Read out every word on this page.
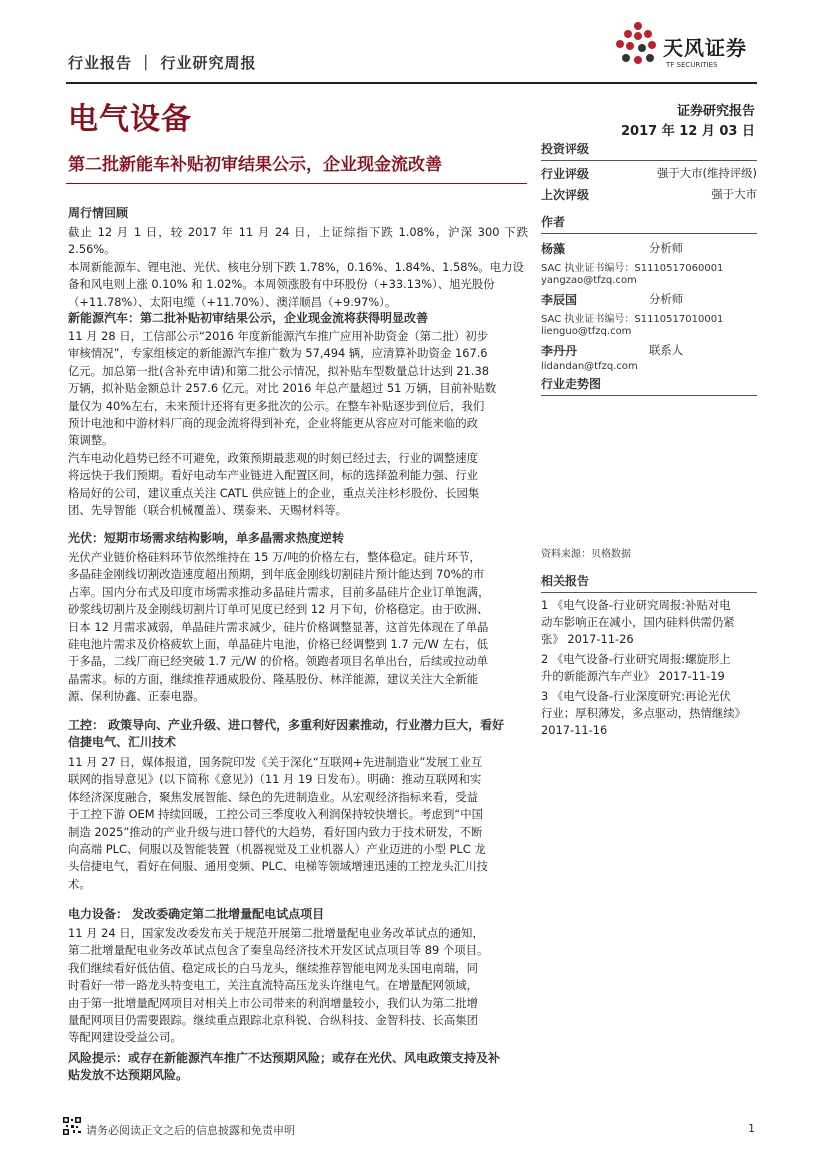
行业报告 ｜ 行业研究周报
天风证券
TF SECURITIES
电气设备	证券研究报告
2017 年 12 月 03 日
第二批新能车补贴初审结果公示，企业现金流改善
周行情回顾
截止 12 月 1 日，较 2017 年 11 月 24 日，上证综指下跌 1.08%，沪深 300 下跌 2.56%。
本周新能源车、锂电池、光伏、核电分别下跌 1.78%，0.16%、1.84%、1.58%。电力设
备和风电则上涨 0.10% 和 1.02%。本周领涨股有中环股份（+33.13%）、旭光股份
（+11.78%）、太阳电缆（+11.70%）、澳洋顺昌（+9.97%）。
新能源汽车：第二批补贴初审结果公示，企业现金流将获得明显改善
11 月 28 日，工信部公示“2016 年度新能源汽车推广应用补助资金（第二批）初步
审核情况”，专家组核定的新能源汽车推广数为 57,494 辆，应清算补助资金 167.6
亿元。加总第一批(含补充申请)和第二批公示情况，拟补贴车型数量总计达到 21.38
万辆，拟补贴金额总计 257.6 亿元。对比 2016 年总产量超过 51 万辆，目前补贴数
量仅为 40%左右，未来预计还将有更多批次的公示。在整车补贴逐步到位后，我们
预计电池和中游材料厂商的现金流将得到补充，企业将能更从容应对可能来临的政
策调整。
汽车电动化趋势已经不可避免，政策预期最悲观的时刻已经过去，行业的调整速度
将远快于我们预期。看好电动车产业链进入配置区间，标的选择盈利能力强、行业
格局好的公司，建议重点关注 CATL 供应链上的企业，重点关注杉杉股份、长园集
团、先导智能（联合机械覆盖）、璞泰来、天赐材料等。
光伏：短期市场需求结构影响，单多晶需求热度逆转
光伏产业链价格硅料环节依然维持在 15 万/吨的价格左右，整体稳定。硅片环节，
多晶硅金刚线切割改造速度超出预期，到年底金刚线切割硅片预计能达到 70%的市
占率。国内分布式及印度市场需求推动多晶硅片需求，目前多晶硅片企业订单饱满，
砂浆线切割片及金刚线切割片订单可见度已经到 12 月下旬，价格稳定。由于欧洲、
日本 12 月需求减弱，单晶硅片需求减少，硅片价格调整显著，这首先体现在了单晶
硅电池片需求及价格疲软上面，单晶硅片电池，价格已经调整到 1.7 元/W 左右，低
于多晶，二线厂商已经突破 1.7 元/W 的价格。领跑者项目名单出台，后续或拉动单
晶需求。标的方面，继续推荐通威股份、隆基股份、林洋能源，建议关注大全新能
源、保利协鑫、正泰电器。
工控： 政策导向、产业升级、进口替代，多重利好因素推动，行业潜力巨大，看好
信捷电气、汇川技术
11 月 27 日，媒体报道，国务院印发《关于深化“互联网+先进制造业”发展工业互
联网的指导意见》(以下简称《意见》)（11 月 19 日发布）。明确：推动互联网和实
体经济深度融合，聚焦发展智能、绿色的先进制造业。从宏观经济指标来看，受益
于工控下游 OEM 持续回暖，工控公司三季度收入利润保持较快增长。考虑到“中国
制造 2025”推动的产业升级与进口替代的大趋势，看好国内致力于技术研发，不断
向高端 PLC、伺服以及智能装置（机器视觉及工业机器人）产业迈进的小型 PLC 龙
头信捷电气，看好在伺服、通用变频、PLC、电梯等领域增速迅速的工控龙头汇川技
术。
电力设备： 发改委确定第二批增量配电试点项目
11 月 24 日，国家发改委发布关于规范开展第二批增量配电业务改革试点的通知，
第二批增量配电业务改革试点包含了秦皇岛经济技术开发区试点项目等 89 个项目。
我们继续看好低估值、稳定成长的白马龙头，继续推荐智能电网龙头国电南瑞，同
时看好一带一路龙头特变电工，关注直流特高压龙头许继电气。在增量配网领域，
由于第一批增量配网项目对相关上市公司带来的利润增量较小，我们认为第二批增
量配网项目仍需要跟踪。继续重点跟踪北京科锐、合纵科技、金智科技、长高集团
等配网建设受益公司。
风险提示：或存在新能源汽车推广不达预期风险；或存在光伏、风电政策支持及补
贴发放不达预期风险。
投资评级
行业评级	强于大市(维持评级)
上次评级	强于大市
作者
杨藻	分析师
SAC 执业证书编号：S1110517060001
yangzao@tfzq.com
李辰国	分析师
SAC 执业证书编号：S1110517010001
lienguo@tfzq.com
李丹丹	联系人
lidandan@tfzq.com
行业走势图
资料来源：贝格数据
相关报告
1 《电气设备-行业研究周报:补贴对电
动车影响正在减小，国内硅料供需仍紧
张》 2017-11-26
2 《电气设备-行业研究周报:螺旋形上
升的新能源汽车产业》 2017-11-19
3 《电气设备-行业深度研究:再论光伏
行业；厚积薄发，多点驱动，热情继续》
2017-11-16
请务必阅读正文之后的信息披露和免责申明	1
